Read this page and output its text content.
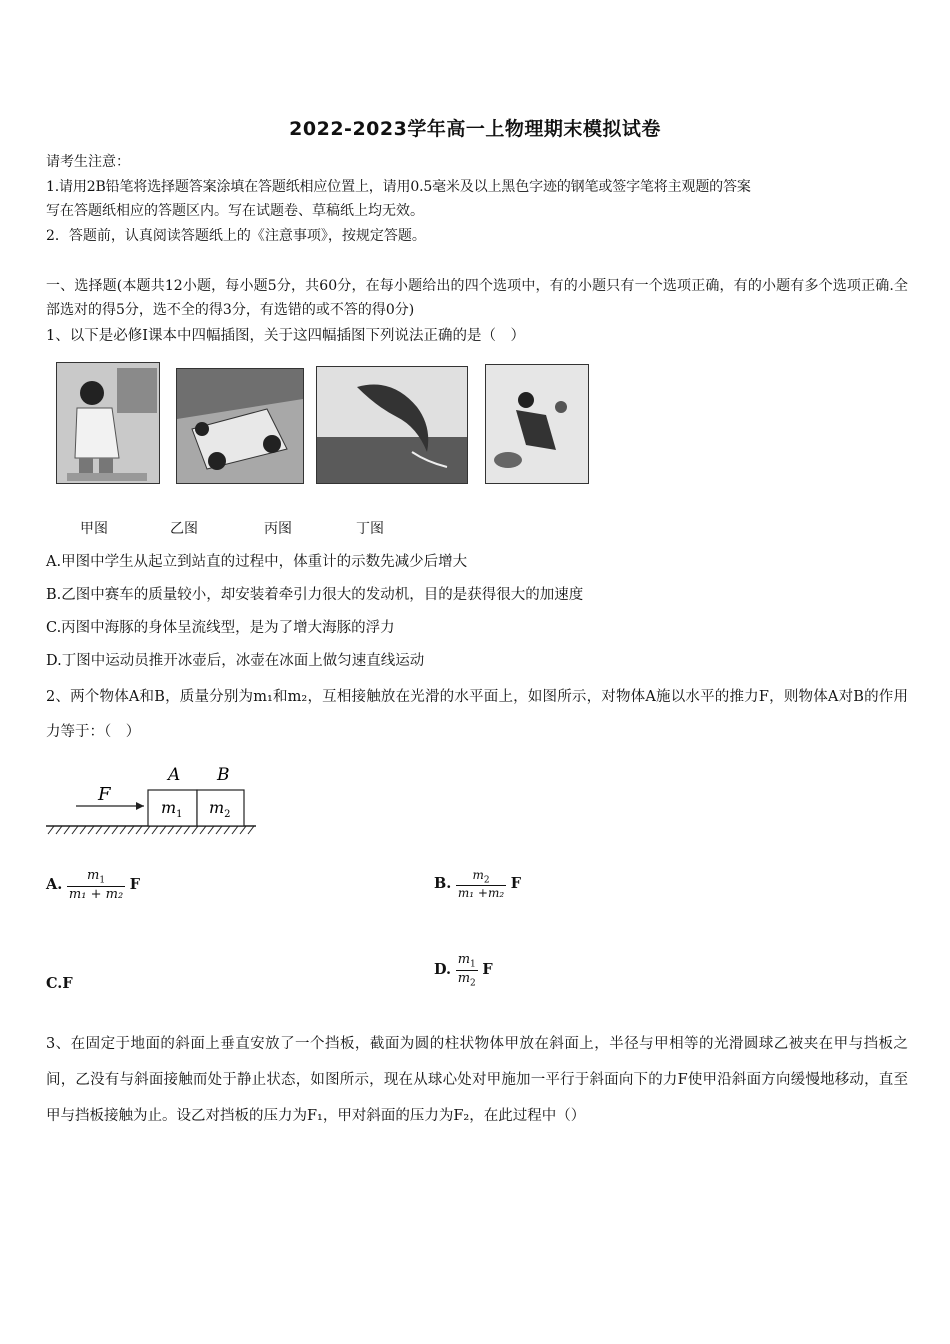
2022-2023学年高一上物理期末模拟试卷
请考生注意：
1.请用2B铅笔将选择题答案涂填在答题纸相应位置上，请用0.5毫米及以上黑色字迹的钢笔或签字笔将主观题的答案
写在答题纸相应的答题区内。写在试题卷、草稿纸上均无效。
2．答题前，认真阅读答题纸上的《注意事项》，按规定答题。
一、选择题(本题共12小题，每小题5分，共60分，在每小题给出的四个选项中，有的小题只有一个选项正确，有的小题有多个选项正确.全部选对的得5分，选不全的得3分，有选错的或不答的得0分)
1、以下是必修Ⅰ课本中四幅插图，关于这四幅插图下列说法正确的是（　）
甲图	乙图	丙图	丁图
A.甲图中学生从起立到站直的过程中，体重计的示数先减少后增大
B.乙图中赛车的质量较小，却安装着牵引力很大的发动机，目的是获得很大的加速度
C.丙图中海豚的身体呈流线型，是为了增大海豚的浮力
D.丁图中运动员推开冰壶后，冰壶在冰面上做匀速直线运动
2、两个物体A和B，质量分别为m₁和m₂，互相接触放在光滑的水平面上，如图所示，对物体A施以水平的推力F，则物体A对B的作用力等于：（　）
F
A B
$m_1$ $m_2$
A. $\frac{m_1}{\text{m₁ + m₂}}$ F	B. $\frac{m_2}{\text{m₁ +m₂}}$ F
C.F
D. $\frac{m_1}{m_2}$ F
3、在固定于地面的斜面上垂直安放了一个挡板，截面为圆的柱状物体甲放在斜面上，半径与甲相等的光滑圆球乙被夹在甲与挡板之间，乙没有与斜面接触而处于静止状态，如图所示，现在从球心处对甲施加一平行于斜面向下的力F使甲沿斜面方向缓慢地移动，直至甲与挡板接触为止。设乙对挡板的压力为F₁，甲对斜面的压力为F₂，在此过程中（）
